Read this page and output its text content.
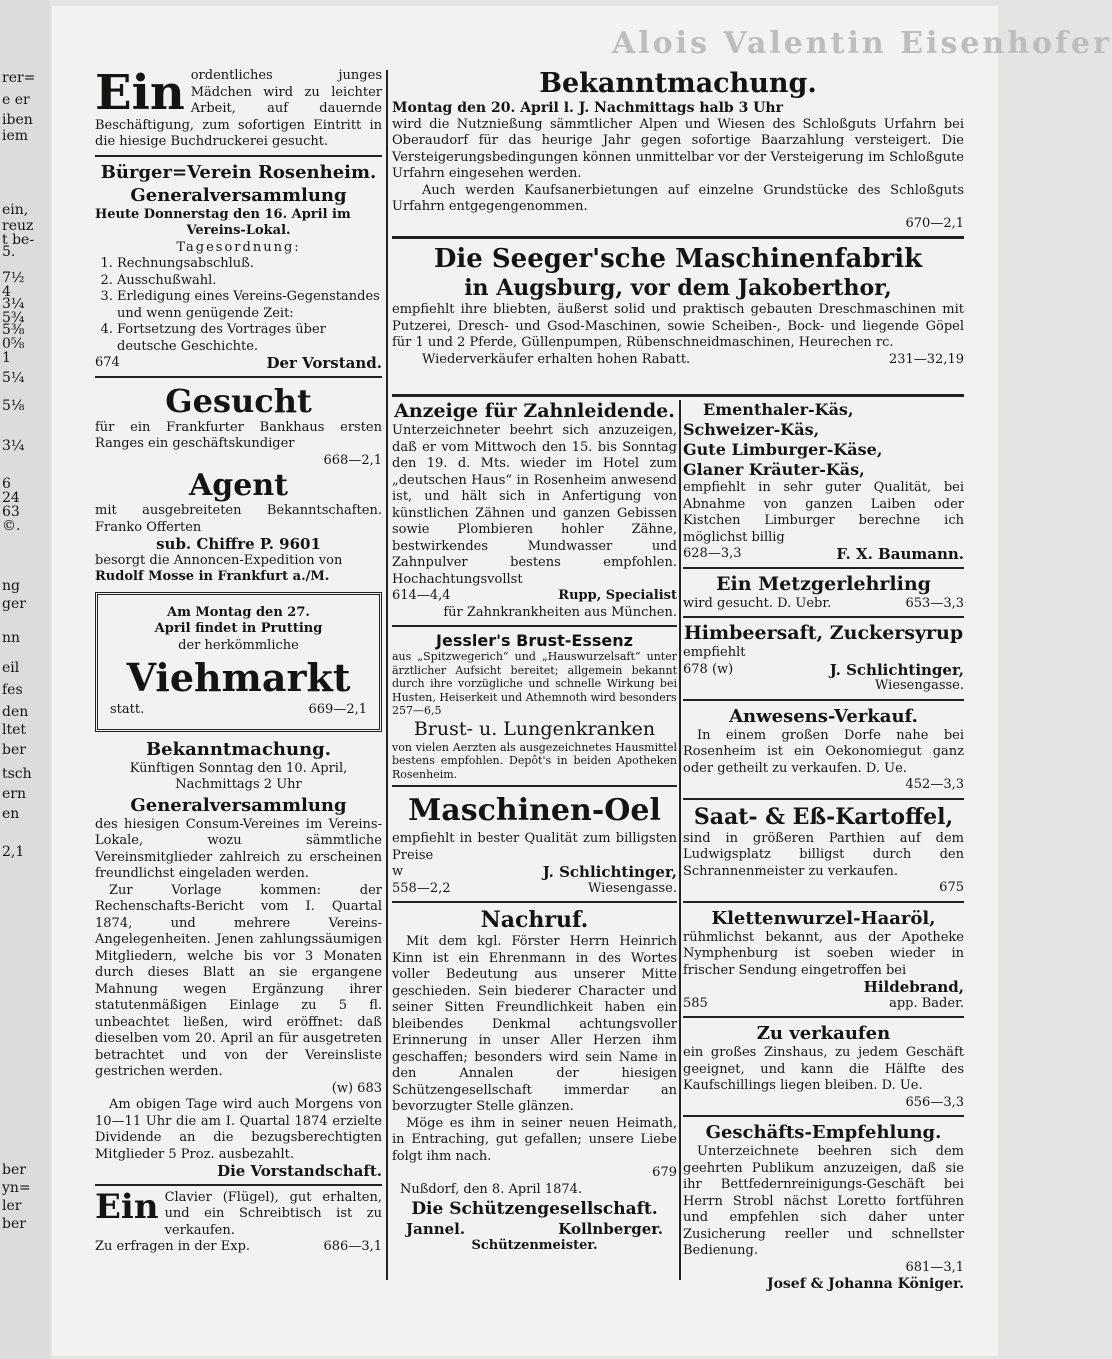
rer=
e er
iben
iem
ein,
reuz
t be-
5.
7½
4
3¼
5¾
5⅜
0⅝
1
5¼
5⅛
3¼
6
24
63
©.
ng
ger
nn
eil
fes
den
ltet
ber
tsch
ern
en
2,1
ber
yn=
ler
ber
Alois Valentin Eisenhofer
Ein ordentliches junges Mädchen wird zu leichter Arbeit, auf dauernde Beschäftigung, zum sofortigen Eintritt in die hiesige Buchdruckerei gesucht.

Bürger=Verein Rosenheim.

Generalversammlung

Heute Donnerstag den 16. April im

Vereins-Lokal.

Tagesordnung:

1. Rechnungsabschluß.
2. Ausschußwahl.
3. Erledigung eines Vereins-Gegenstandes und wenn genügende Zeit:
4. Fortsetzung des Vortrages über deutsche Geschichte.
674	Der Vorstand.

Gesucht

für ein Frankfurter Bankhaus ersten Ranges ein geschäftskundiger

668—2,1

Agent

mit ausgebreiteten Bekanntschaften. Franko Offerten

sub. Chiffre P. 9601

besorgt die Annoncen-Expedition von

Rudolf Mosse in Frankfurt a./M.

Am Montag den 27.

April findet in Prutting

der herkömmliche

Viehmarkt

statt.	669—2,1

Bekanntmachung.

Künftigen Sonntag den 10. April,

Nachmittags 2 Uhr

Generalversammlung

des hiesigen Consum-Vereines im Vereins-Lokale, wozu sämmtliche Vereinsmitglieder zahlreich zu erscheinen freundlichst eingeladen werden.

Zur Vorlage kommen: der Rechenschafts-Bericht vom I. Quartal 1874, und mehrere Vereins-Angelegenheiten. Jenen zahlungssäumigen Mitgliedern, welche bis vor 3 Monaten durch dieses Blatt an sie ergangene Mahnung wegen Ergänzung ihrer statutenmäßigen Einlage zu 5 fl. unbeachtet ließen, wird eröffnet: daß dieselben vom 20. April an für ausgetreten betrachtet und von der Vereinsliste gestrichen werden.

(w) 683

Am obigen Tage wird auch Morgens von 10—11 Uhr die am I. Quartal 1874 erzielte Dividende an die bezugsberechtigten Mitglieder 5 Proz. ausbezahlt.

Die Vorstandschaft.

Ein Clavier (Flügel), gut erhalten, und ein Schreibtisch ist zu verkaufen.

Zu erfragen in der Exp.	686—3,1

Bekanntmachung.

Montag den 20. April l. J. Nachmittags halb 3 Uhr

wird die Nutznießung sämmtlicher Alpen und Wiesen des Schloßguts Urfahrn bei Oberaudorf für das heurige Jahr gegen sofortige Baarzahlung versteigert. Die Versteigerungsbedingungen können unmittelbar vor der Versteigerung im Schloßgute Urfahrn eingesehen werden.

Auch werden Kaufsanerbietungen auf einzelne Grundstücke des Schloßguts Urfahrn entgegengenommen.

670—2,1

Die Seeger'sche Maschinenfabrik

in Augsburg, vor dem Jakoberthor,

empfiehlt ihre bliebten, äußerst solid und praktisch gebauten Dreschmaschinen mit Putzerei, Dresch- und Gsod-Maschinen, sowie Scheiben-, Bock- und liegende Göpel für 1 und 2 Pferde, Güllenpumpen, Rübenschneidmaschinen, Heurechen rc.

Wiederverkäufer erhalten hohen Rabatt.	231—32,19

Anzeige für Zahnleidende.

Unterzeichneter beehrt sich anzuzeigen, daß er vom Mittwoch den 15. bis Sonntag den 19. d. Mts. wieder im Hotel zum „deutschen Haus“ in Rosenheim anwesend ist, und hält sich in Anfertigung von künstlichen Zähnen und ganzen Gebissen sowie Plombieren hohler Zähne, bestwirkendes Mundwasser und Zahnpulver bestens empfohlen. Hochachtungsvollst

614—4,4	Rupp, Specialist

für Zahnkrankheiten aus München.

Jessler's Brust-Essenz

aus „Spitzwegerich“ und „Hauswurzelsaft“ unter ärztlicher Aufsicht bereitet; allgemein bekannt durch ihre vorzügliche und schnelle Wirkung bei Husten, Heiserkeit und Athemnoth wird besonders

257—6,5

Brust- u. Lungenkranken

von vielen Aerzten als ausgezeichnetes Hausmittel bestens empfohlen. Depôt's in beiden Apotheken Rosenheim.

Maschinen-Oel

empfiehlt in bester Qualität zum billigsten Preise

w	J. Schlichtinger,
558—2,2	Wiesengasse.

Nachruf.

Mit dem kgl. Förster Herrn Heinrich Kinn ist ein Ehrenmann in des Wortes voller Bedeutung aus unserer Mitte geschieden. Sein biederer Character und seiner Sitten Freundlichkeit haben ein bleibendes Denkmal achtungsvoller Erinnerung in unser Aller Herzen ihm geschaffen; besonders wird sein Name in den Annalen der hiesigen Schützengesellschaft immerdar an bevorzugter Stelle glänzen.

Möge es ihm in seiner neuen Heimath, in Entraching, gut gefallen; unsere Liebe folgt ihm nach.

679

Nußdorf, den 8. April 1874.

Die Schützengesellschaft.

Jannel.	Kollnberger.

Schützenmeister.

Ementhaler-Käs,

Schweizer-Käs,

Gute Limburger-Käse,

Glaner Kräuter-Käs,

empfiehlt in sehr guter Qualität, bei Abnahme von ganzen Laiben oder Kistchen Limburger berechne ich möglichst billig

628—3,3	F. X. Baumann.

Ein Metzgerlehrling

wird gesucht. D. Uebr.	653—3,3

Himbeersaft, Zuckersyrup

empfiehlt

678 (w)	J. Schlichtinger,

Wiesengasse.

Anwesens-Verkauf.

In einem großen Dorfe nahe bei Rosenheim ist ein Oekonomiegut ganz oder getheilt zu verkaufen. D. Ue.

452—3,3

Saat- & Eß-Kartoffel,

sind in größeren Parthien auf dem Ludwigsplatz billigst durch den Schrannenmeister zu verkaufen.

675

Klettenwurzel-Haaröl,

rühmlichst bekannt, aus der Apotheke Nymphenburg ist soeben wieder in frischer Sendung eingetroffen bei

Hildebrand,

585	app. Bader.

Zu verkaufen

ein großes Zinshaus, zu jedem Geschäft geeignet, und kann die Hälfte des Kaufschillings liegen bleiben. D. Ue.

656—3,3

Geschäfts-Empfehlung.

Unterzeichnete beehren sich dem geehrten Publikum anzuzeigen, daß sie ihr Bettfedernreinigungs-Geschäft bei Herrn Strobl nächst Loretto fortführen und empfehlen sich daher unter Zusicherung reeller und schnellster Bedienung.

681—3,1

Josef & Johanna Königer.
